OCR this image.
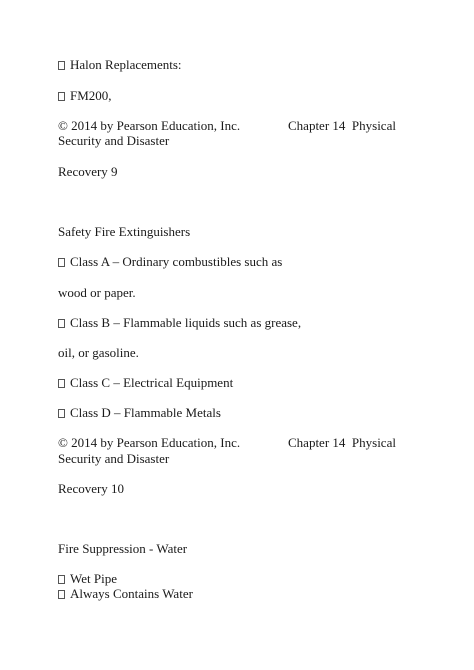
Halon Replacements:
FM200,
© 2014 by Pearson Education, Inc.	Chapter 14  Physical
Security and Disaster
Recovery 9
Safety Fire Extinguishers
Class A – Ordinary combustibles such as
wood or paper.
Class B – Flammable liquids such as grease,
oil, or gasoline.
Class C – Electrical Equipment
Class D – Flammable Metals
© 2014 by Pearson Education, Inc.	Chapter 14  Physical
Security and Disaster
Recovery 10
Fire Suppression - Water
Wet Pipe
Always Contains Water
